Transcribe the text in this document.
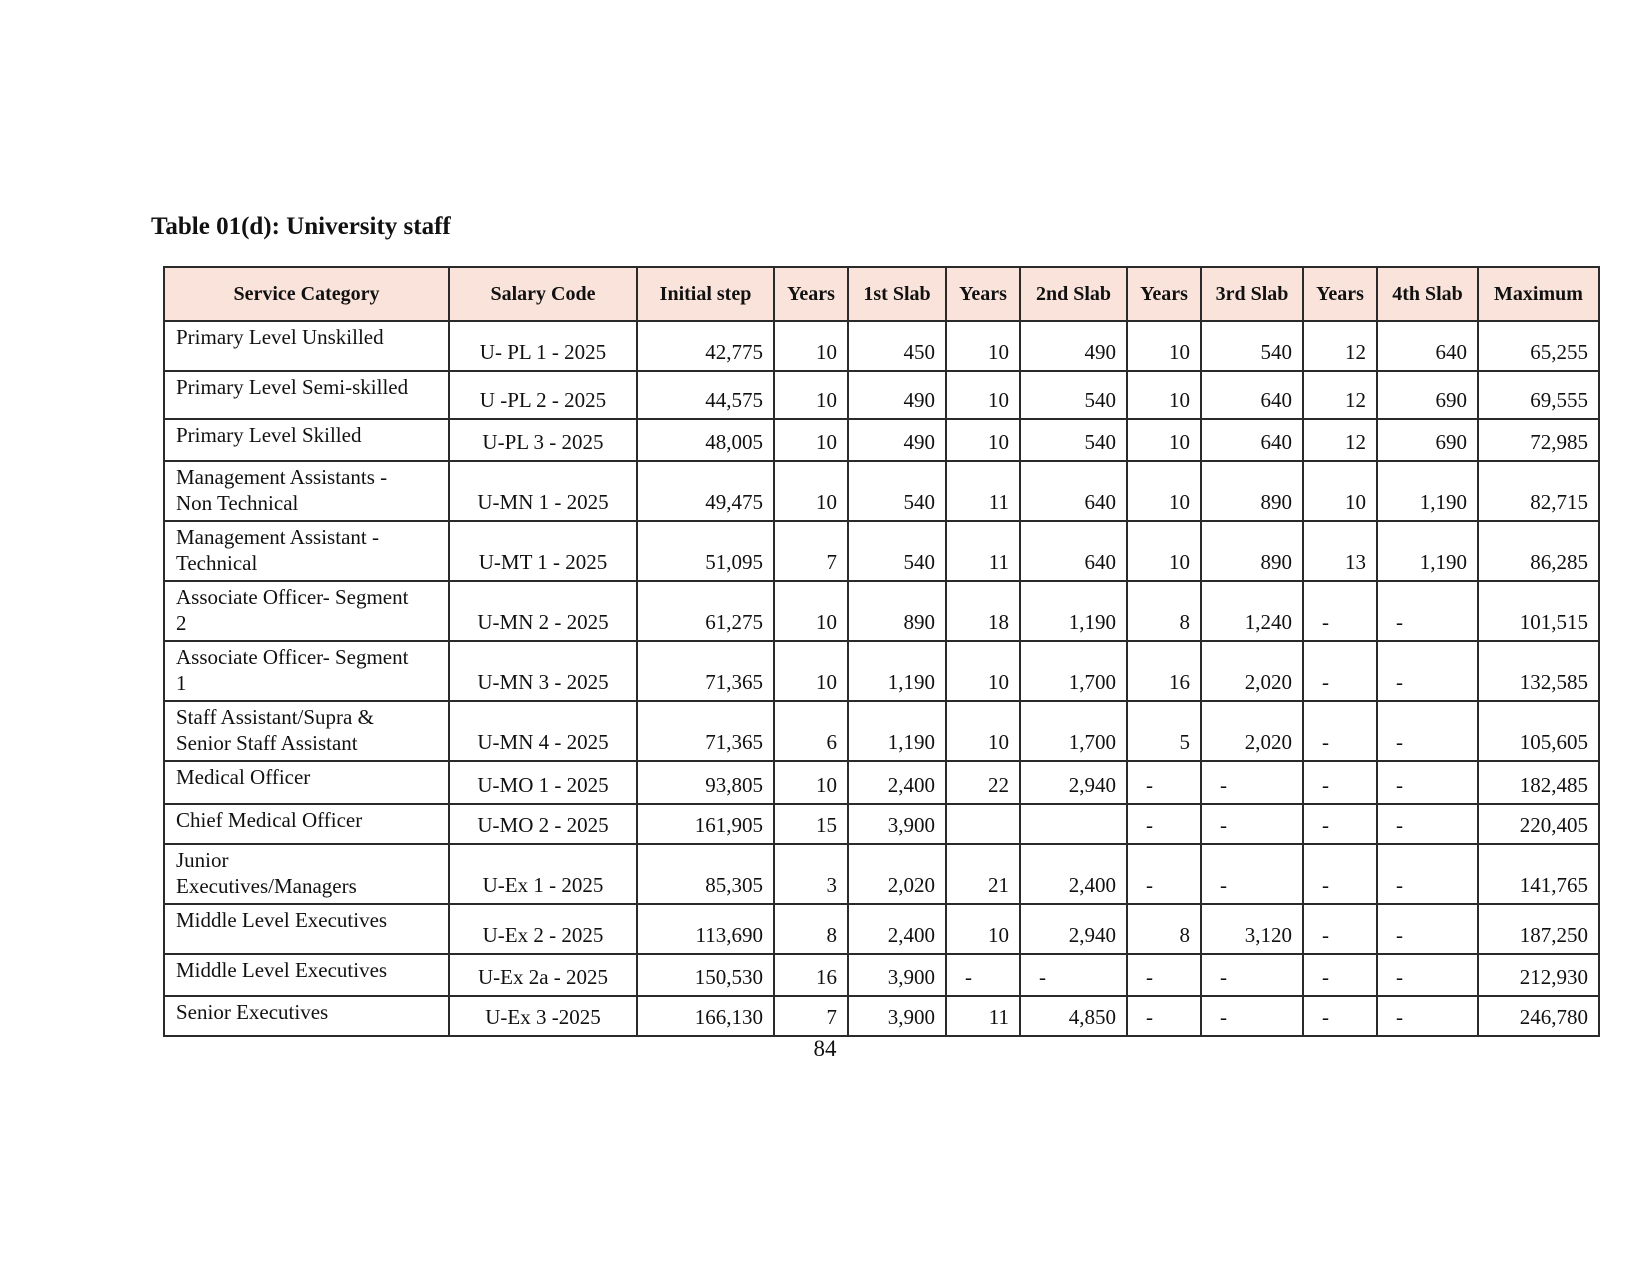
Table 01(d): University staff
Service Category	Salary Code	Initial step	Years	1st Slab	Years	2nd Slab	Years	3rd Slab	Years	4th Slab	Maximum
Primary Level Unskilled	U- PL 1 - 2025	42,775	10	450	10	490	10	540	12	640	65,255
Primary Level Semi-skilled	U -PL 2 - 2025	44,575	10	490	10	540	10	640	12	690	69,555
Primary Level Skilled	U-PL 3 - 2025	48,005	10	490	10	540	10	640	12	690	72,985
Management Assistants -
Non Technical	U-MN 1 - 2025	49,475	10	540	11	640	10	890	10	1,190	82,715
Management Assistant -
Technical	U-MT 1 - 2025	51,095	7	540	11	640	10	890	13	1,190	86,285
Associate Officer- Segment
2	U-MN 2 - 2025	61,275	10	890	18	1,190	8	1,240	-	-	101,515
Associate Officer- Segment
1	U-MN 3 - 2025	71,365	10	1,190	10	1,700	16	2,020	-	-	132,585
Staff Assistant/Supra &
Senior Staff Assistant	U-MN 4 - 2025	71,365	6	1,190	10	1,700	5	2,020	-	-	105,605
Medical Officer	U-MO 1 - 2025	93,805	10	2,400	22	2,940	-	-	-	-	182,485
Chief Medical Officer	U-MO 2 - 2025	161,905	15	3,900			-	-	-	-	220,405
Junior
Executives/Managers	U-Ex 1 - 2025	85,305	3	2,020	21	2,400	-	-	-	-	141,765
Middle Level Executives	U-Ex 2 - 2025	113,690	8	2,400	10	2,940	8	3,120	-	-	187,250
Middle Level Executives	U-Ex 2a - 2025	150,530	16	3,900	-	-	-	-	-	-	212,930
Senior Executives	U-Ex 3 -2025	166,130	7	3,900	11	4,850	-	-	-	-	246,780
84
